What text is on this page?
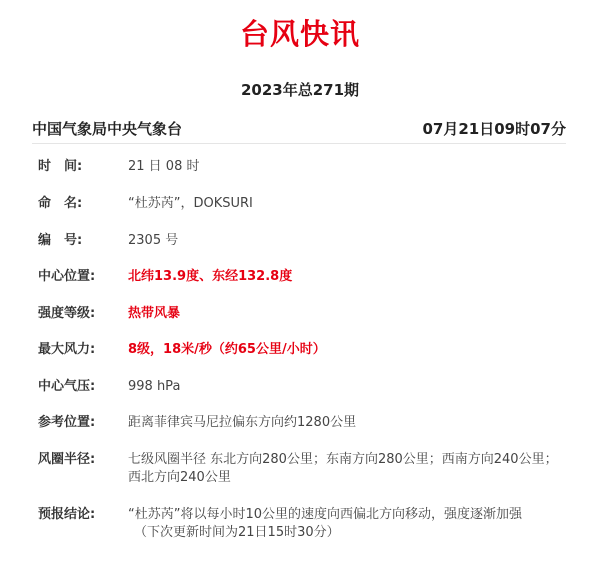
台风快讯
2023年总271期
中国气象局中央气象台	07月21日09时07分
时　间:	21 日 08 时
命　名:	“杜苏芮”，DOKSURI
编　号:	2305 号
中心位置:	北纬13.9度、东经132.8度
强度等级:	热带风暴
最大风力:	8级，18米/秒（约65公里/小时）
中心气压:	998 hPa
参考位置:	距离菲律宾马尼拉偏东方向约1280公里
风圈半径:	七级风圈半径 东北方向280公里；东南方向280公里；西南方向240公里；西北方向240公里
预报结论:	“杜苏芮”将以每小时10公里的速度向西偏北方向移动，强度逐渐加强
（下次更新时间为21日15时30分）
